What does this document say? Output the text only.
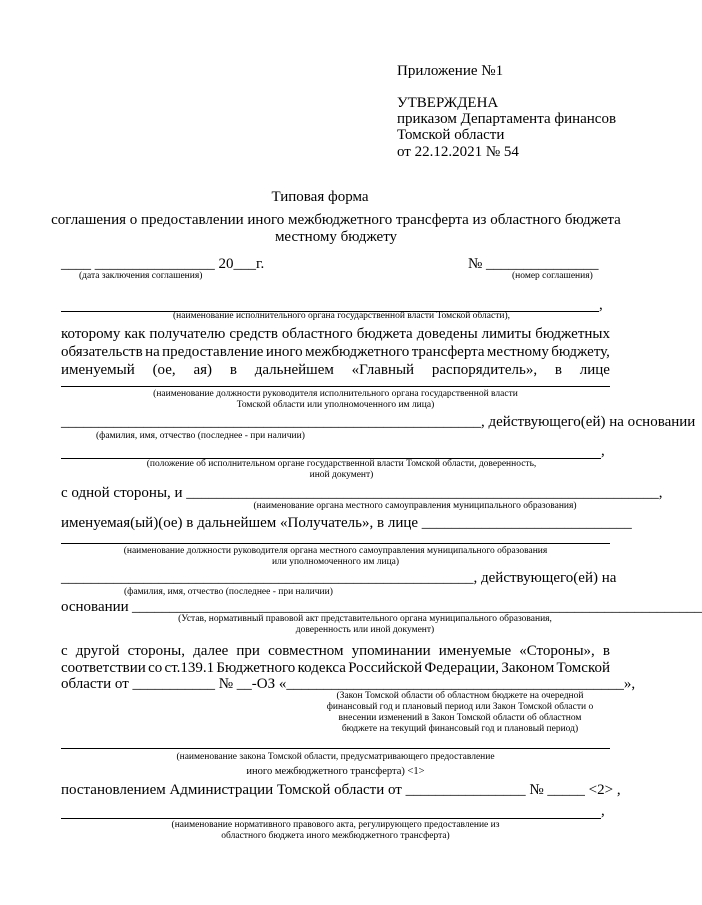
Приложение №1

УТВЕРЖДЕНА

приказом Департамента финансов

Томской области

от 22.12.2021 № 54

Типовая форма

соглашения о предоставлении иного межбюджетного трансферта из областного бюджета

местному бюджету

____ ________________ 20___г.	№ _______________

(дата заключения соглашения)	(номер соглашения)

,

(наименование исполнительного органа государственной власти Томской области),

которому как получателю средств областного бюджета доведены лимиты бюджетных
обязательств на предоставление иного межбюджетного трансферта местному бюджету,
именуемый (ое, ая) в дальнейшем «Главный распорядитель», в лице

(наименование должности руководителя исполнительного органа государственной власти

Томской области или уполномоченного им лица)

________________________________________________________, действующего(ей) на основании

(фамилия, имя, отчество (последнее - при наличии)

,

(положение об исполнительном органе государственной власти Томской области, доверенность,

иной документ)

с одной стороны, и _______________________________________________________________,

(наименование органа местного самоуправления муниципального образования)

именуемая(ый)(ое) в дальнейшем «Получатель», в лице ____________________________

(наименование должности руководителя органа местного самоуправления муниципального образования

или уполномоченного им лица)

_______________________________________________________, действующего(ей) на

(фамилия, имя, отчество (последнее - при наличии)

основании ____________________________________________________________________________

(Устав, нормативный правовой акт представительного органа муниципального образования,

доверенность или иной документ)

с другой стороны, далее при совместном упоминании именуемые «Стороны», в
соответствии со ст.139.1 Бюджетного кодекса Российской Федерации, Законом Томской

области от ___________ № __-ОЗ «_____________________________________________»,

(Закон Томской области об областном бюджете на очередной

финансовый год и плановый период или Закон Томской области о

внесении изменений в Закон Томской области об областном

бюджете на текущий финансовый год и плановый период)

(наименование закона Томской области, предусматривающего предоставление

иного межбюджетного трансферта) <1>

постановлением Администрации Томской области от ________________ № _____ <2> ,

,

(наименование нормативного правового акта, регулирующего предоставление из

областного бюджета иного межбюджетного трансферта)
